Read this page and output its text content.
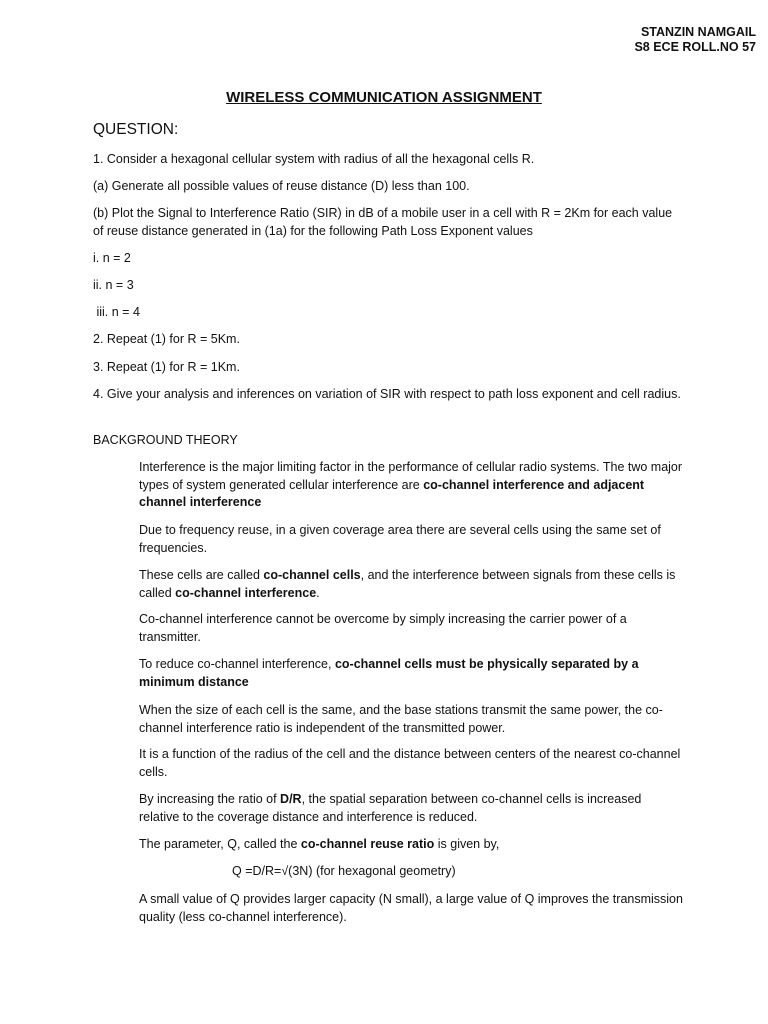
STANZIN NAMGAIL
S8 ECE ROLL.NO 57
WIRELESS COMMUNICATION ASSIGNMENT
QUESTION:

1. Consider a hexagonal cellular system with radius of all the hexagonal cells R.

(a) Generate all possible values of reuse distance (D) less than 100.

(b) Plot the Signal to Interference Ratio (SIR) in dB of a mobile user in a cell with R = 2Km for each value of reuse distance generated in (1a) for the following Path Loss Exponent values

i. n = 2

ii. n = 3

iii. n = 4

2. Repeat (1) for R = 5Km.

3. Repeat (1) for R = 1Km.

4. Give your analysis and inferences on variation of SIR with respect to path loss exponent and cell radius.

BACKGROUND THEORY

Interference is the major limiting factor in the performance of cellular radio systems. The two major types of system generated cellular interference are co-channel interference and adjacent channel interference

Due to frequency reuse, in a given coverage area there are several cells using the same set of frequencies.

These cells are called co-channel cells, and the interference between signals from these cells is called co-channel interference.

Co-channel interference cannot be overcome by simply increasing the carrier power of a transmitter.

To reduce co-channel interference, co-channel cells must be physically separated by a minimum distance

When the size of each cell is the same, and the base stations transmit the same power, the co-channel interference ratio is independent of the transmitted power.

It is a function of the radius of the cell and the distance between centers of the nearest co-channel cells.

By increasing the ratio of D/R, the spatial separation between co-channel cells is increased relative to the coverage distance and interference is reduced.

The parameter, Q, called the co-channel reuse ratio is given by,

Q =D/R=√(3N) (for hexagonal geometry)

A small value of Q provides larger capacity (N small), a large value of Q improves the transmission quality (less co-channel interference).
